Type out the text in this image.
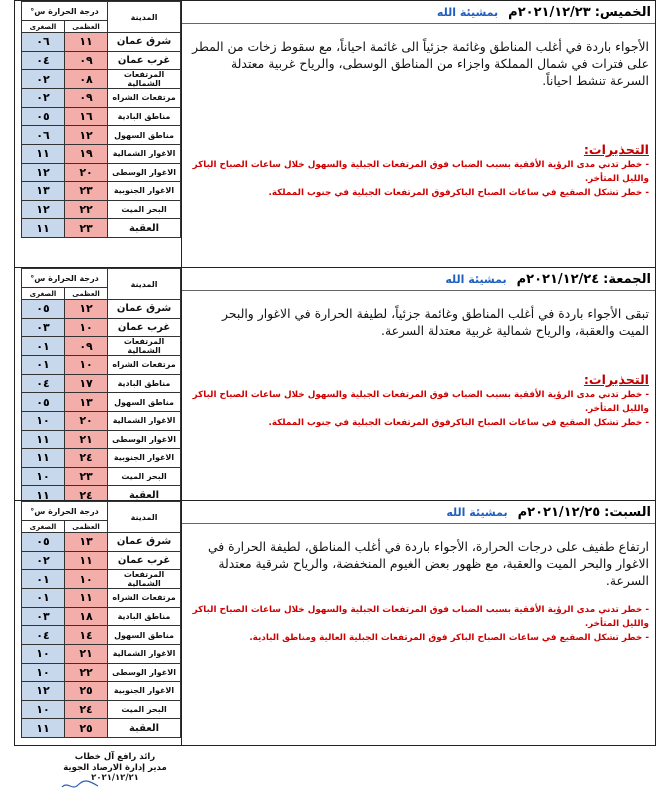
المدينة	درجة الحرارة س°	
	العظمى	الصغرى
شرق عمان	١١	٠٦
غرب عمان	٠٩	٠٤
المرتفعات الشمالية	٠٨	٠٢
مرتفعات الشراه	٠٩	٠٢
مناطق البادية	١٦	٠٥
مناطق السهول	١٢	٠٦
الاغوار الشمالية	١٩	١١
الاغوار الوسطى	٢٠	١٢
الاغوار الجنوبية	٢٣	١٣
البحر الميت	٢٢	١٢
العقبة	٢٣	١١
الخميس:
٢٠٢١/١٢/٢٣م
بمشيئة الله
الأجواء باردة في أغلب المناطق وغائمة جزئياً الى غائمة احياناً، مع سقوط زخات من المطر على فترات في شمال المملكة واجزاء من المناطق الوسطى، والرياح غربية معتدلة السرعة تنشط احياناً.
التحذيرات:
- خطر تدني مدى الرؤية الأفقية بسبب الضباب فوق المرتفعات الجبلية والسهول خلال ساعات الصباح الباكر والليل المتأخر.
- خطر تشكل الصقيع في ساعات الصباح الباكرفوق المرتفعات الجبلية في جنوب المملكة.
المدينة	درجة الحرارة س°	
	العظمى	الصغرى
شرق عمان	١٢	٠٥
غرب عمان	١٠	٠٣
المرتفعات الشمالية	٠٩	٠١
مرتفعات الشراه	١٠	٠١
مناطق البادية	١٧	٠٤
مناطق السهول	١٣	٠٥
الاغوار الشمالية	٢٠	١٠
الاغوار الوسطى	٢١	١١
الاغوار الجنوبية	٢٤	١١
البحر الميت	٢٣	١٠
العقبة	٢٤	١١
الجمعة:
٢٠٢١/١٢/٢٤م
بمشيئة الله
تبقى الأجواء باردة في أغلب المناطق وغائمة جزئياً، لطيفة الحرارة في الاغوار والبحر الميت والعقبة، والرياح شمالية غربية معتدلة السرعة.
التحذيرات:
- خطر تدني مدى الرؤية الأفقية بسبب الضباب فوق المرتفعات الجبلية والسهول خلال ساعات الصباح الباكر والليل المتأخر.
- خطر تشكل الصقيع في ساعات الصباح الباكرفوق المرتفعات الجبلية في جنوب المملكة.
المدينة	درجة الحرارة س°	
	العظمى	الصغرى
شرق عمان	١٣	٠٥
غرب عمان	١١	٠٢
المرتفعات الشمالية	١٠	٠١
مرتفعات الشراه	١١	٠١
مناطق البادية	١٨	٠٣
مناطق السهول	١٤	٠٤
الاغوار الشمالية	٢١	١٠
الاغوار الوسطى	٢٢	١٠
الاغوار الجنوبية	٢٥	١٢
البحر الميت	٢٤	١٠
العقبة	٢٥	١١
السبت:
٢٠٢١/١٢/٢٥م
بمشيئة الله
ارتفاع طفيف على درجات الحرارة، الأجواء باردة في أغلب المناطق، لطيفة الحرارة في الاغوار والبحر الميت والعقبة، مع ظهور بعض الغيوم المنخفضة، والرياح شرقية معتدلة السرعة.
- خطر تدني مدى الرؤية الأفقية بسبب الضباب فوق المرتفعات الجبلية والسهول خلال ساعات الصباح الباكر والليل المتأخر.
- خطر تشكل الصقيع في ساعات الصباح الباكر فوق المرتفعات الجبلية العالية ومناطق البادية.
رائد رافع آل خطاب
مدير إدارة الارصاد الجوية
٢٠٢١/١٢/٢١
